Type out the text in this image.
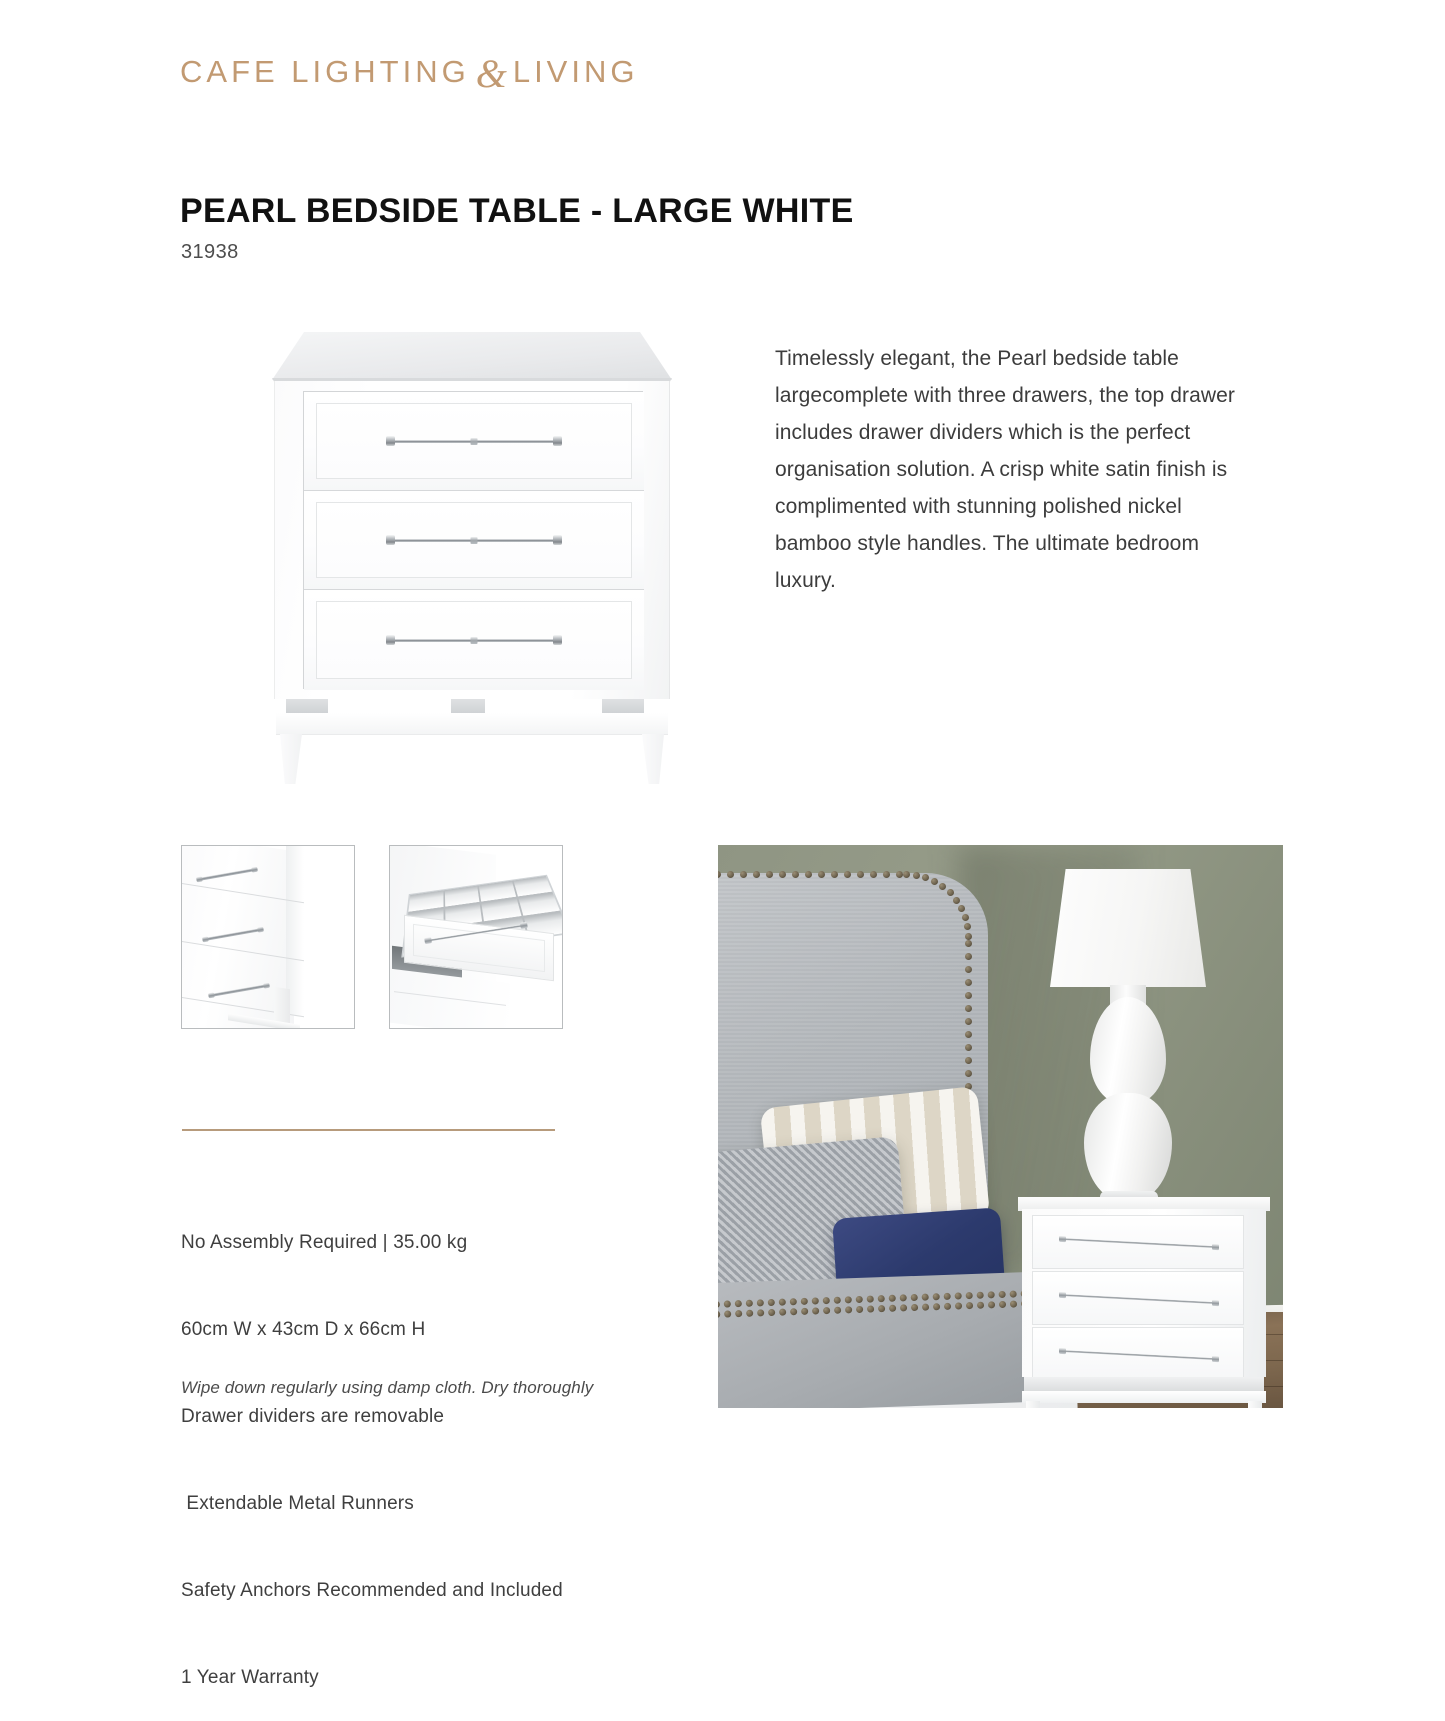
CAFE LIGHTING & LIVING
PEARL BEDSIDE TABLE - LARGE WHITE
31938
Timelessly elegant, the Pearl bedside table largecomplete with three drawers, the top drawer includes drawer dividers which is the perfect organisation solution. A crisp white satin finish is complimented with stunning polished nickel bamboo style handles. The ultimate bedroom luxury.

No Assembly Required | 35.00 kg

60cm W x 43cm D x 66cm H

Drawer dividers are removable

Extendable Metal Runners

Safety Anchors Recommended and Included

1 Year Warranty

Wipe down regularly using damp cloth. Dry thoroughly
